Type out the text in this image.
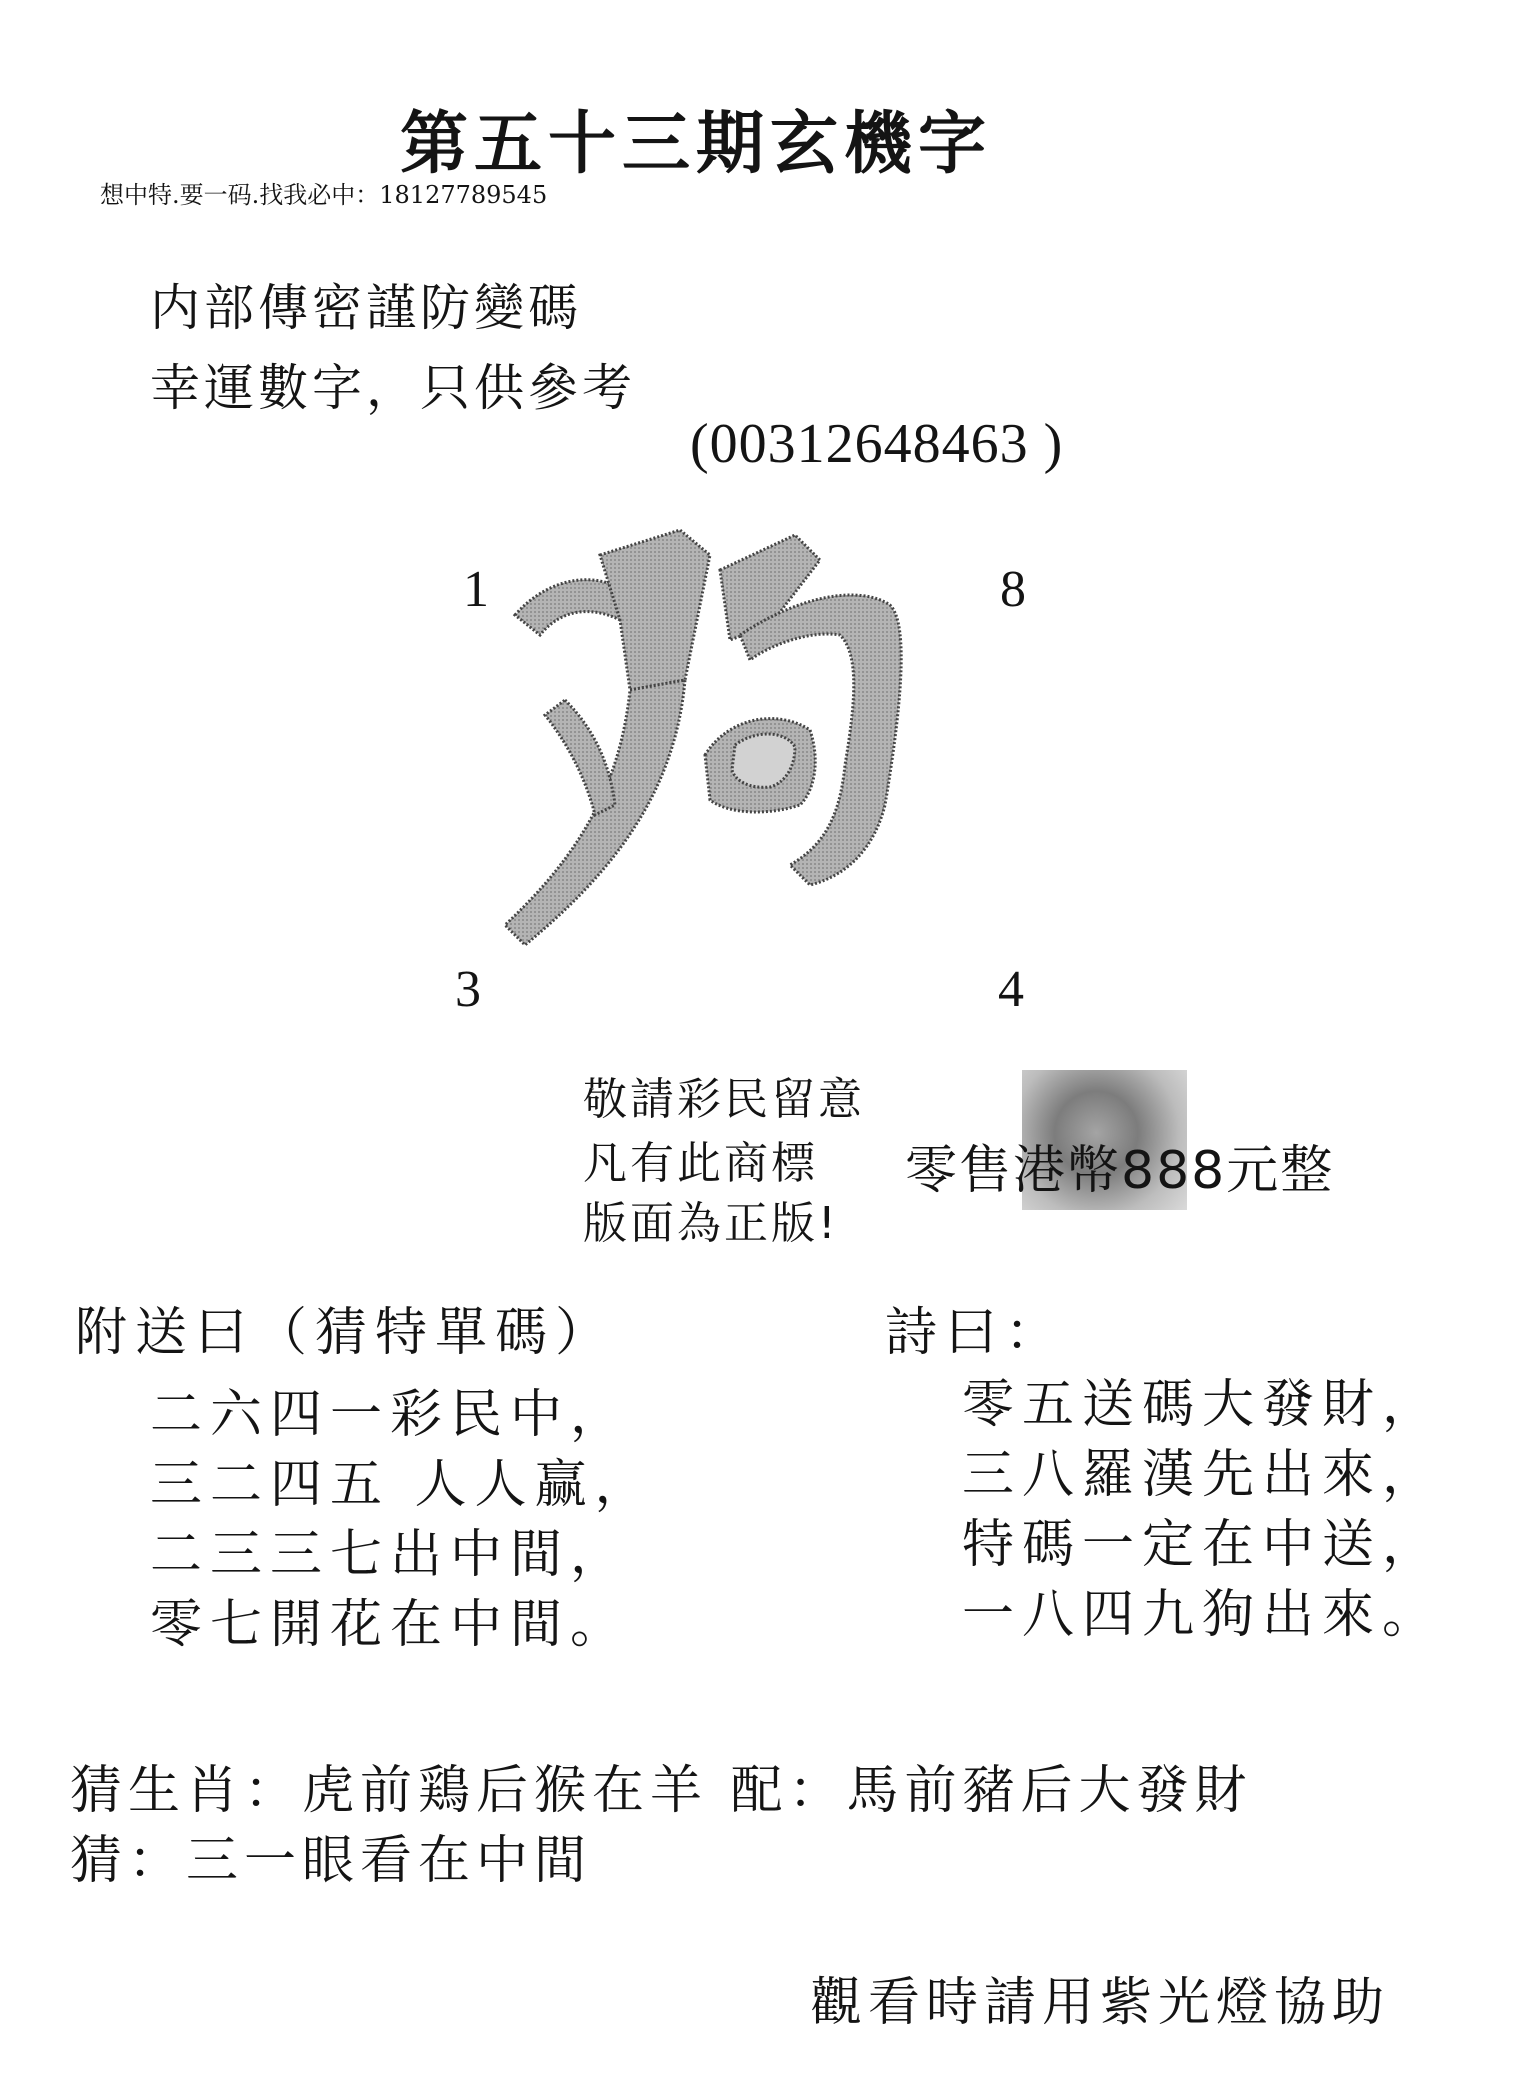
第五十三期玄機字
想中特.要一码.找我必中：18127789545
内部傳密謹防變碼
幸運數字，只供參考
(00312648463 )
1	8
3	4
敬請彩民留意
凡有此商標
版面為正版!
零售港幣888元整
附送曰（猜特單碼）
二六四一彩民中，
三二四五 人人赢，
二三三七出中間，
零七開花在中間。
詩曰：
零五送碼大發財，
三八羅漢先出來，
特碼一定在中送，
一八四九狗出來。
猜生肖：虎前鶏后猴在羊 配：馬前豬后大發財
猜：三一眼看在中間
觀看時請用紫光燈協助
